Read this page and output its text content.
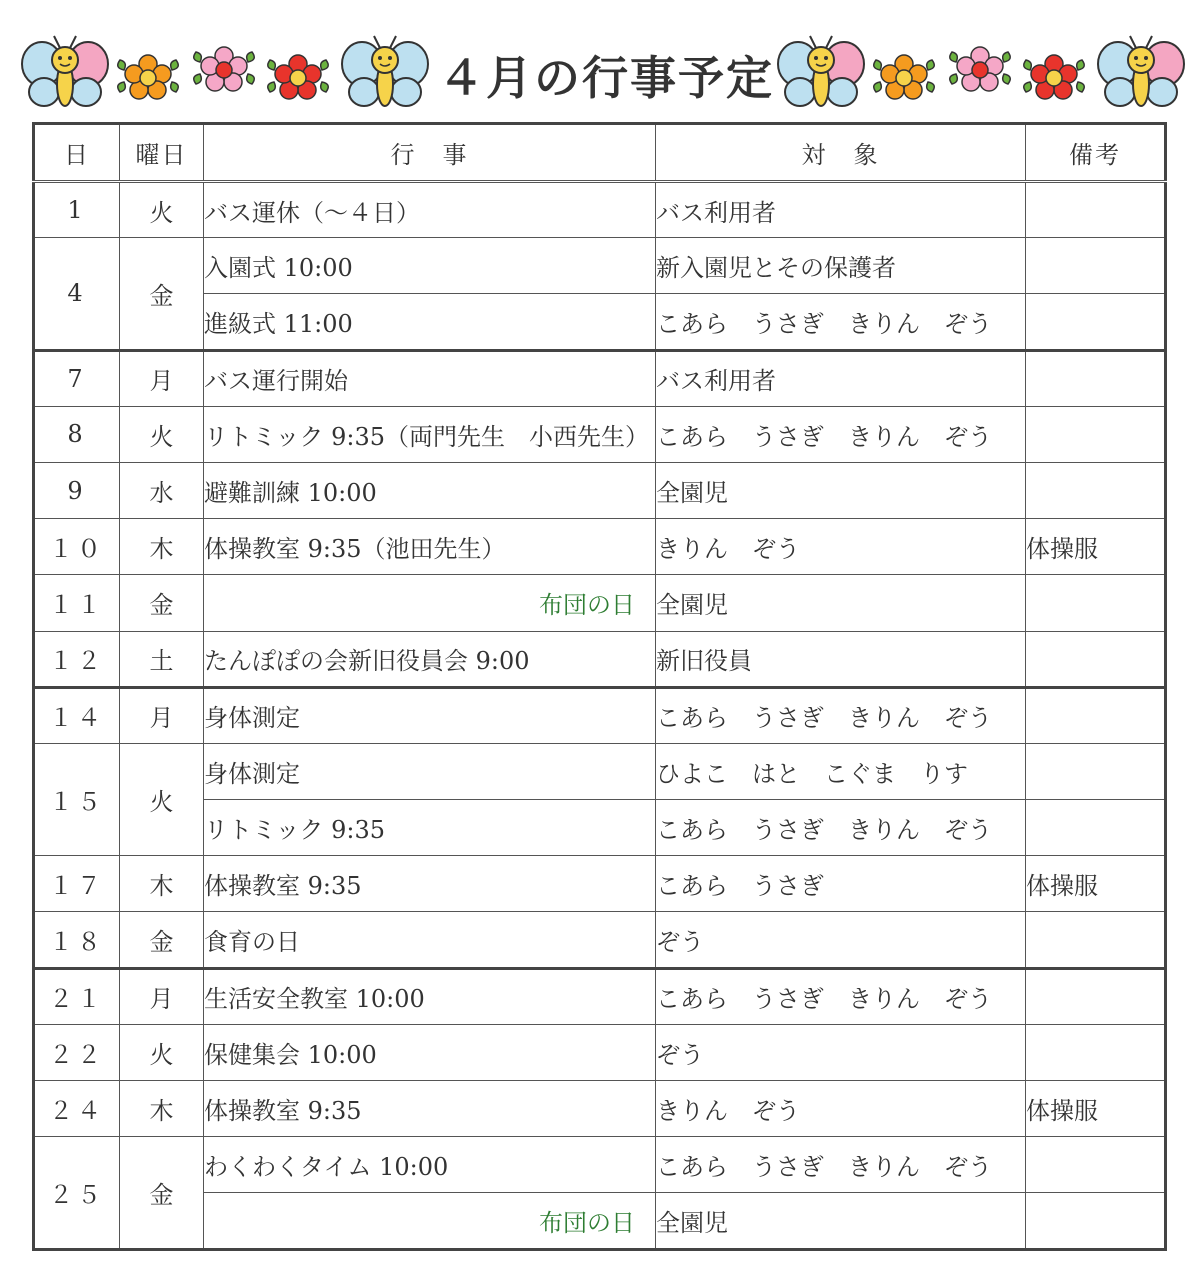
４月の行事予定
日	曜日	行　事	対　象	備考
1	火	バス運休（～４日）	バス利用者	
4	金	入園式 10:00	新入園児とその保護者	
		進級式 11:00	こあら　うさぎ　きりん　ぞう	
7	月	バス運行開始	バス利用者	
8	火	リトミック 9:35（両門先生　小西先生）	こあら　うさぎ　きりん　ぞう	
9	水	避難訓練 10:00	全園児	
１０	木	体操教室 9:35（池田先生）	きりん　ぞう	体操服
１１	金	布団の日	全園児	
１２	土	たんぽぽの会新旧役員会 9:00	新旧役員	
１４	月	身体測定	こあら　うさぎ　きりん　ぞう	
１５	火	身体測定	ひよこ　はと　こぐま　りす	
		リトミック 9:35	こあら　うさぎ　きりん　ぞう	
１７	木	体操教室 9:35	こあら　うさぎ	体操服
１８	金	食育の日	ぞう	
２１	月	生活安全教室 10:00	こあら　うさぎ　きりん　ぞう	
２２	火	保健集会 10:00	ぞう	
２４	木	体操教室 9:35	きりん　ぞう	体操服
２５	金	わくわくタイム 10:00	こあら　うさぎ　きりん　ぞう	
		布団の日	全園児	
